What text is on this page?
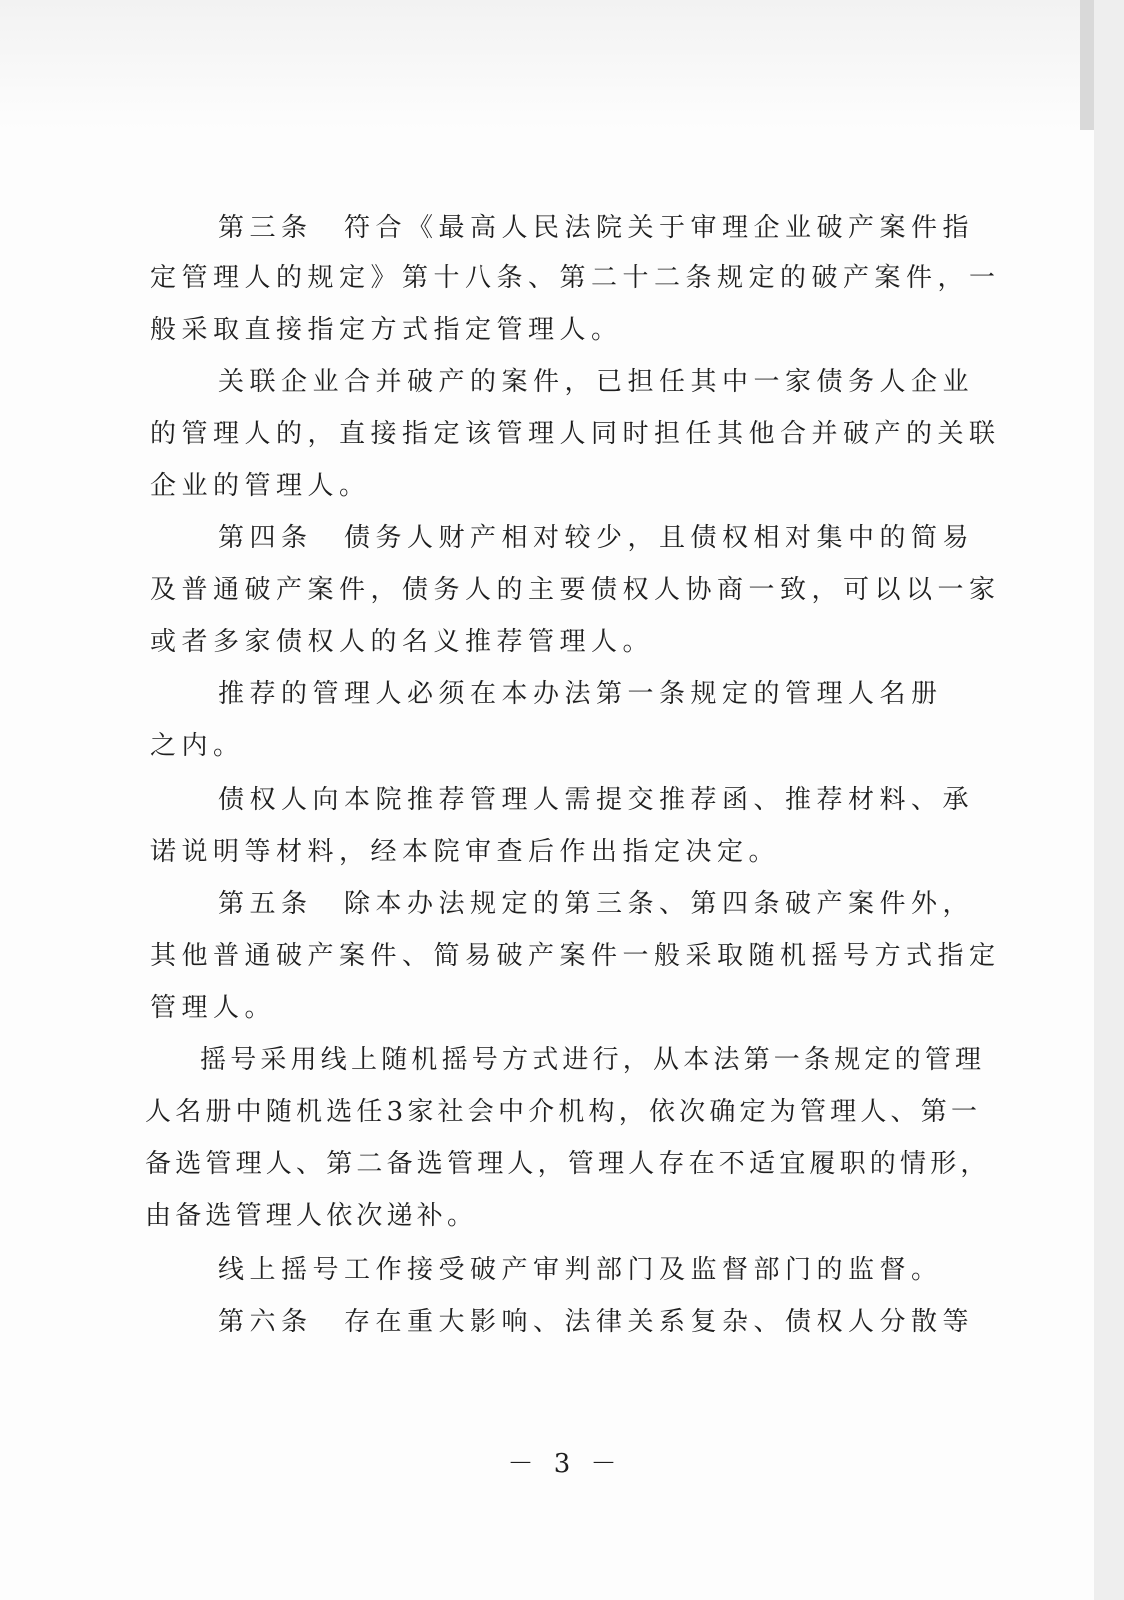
第三条　符合《最高人民法院关于审理企业破产案件指
定管理人的规定》第十八条、第二十二条规定的破产案件，一
般采取直接指定方式指定管理人。
关联企业合并破产的案件，已担任其中一家债务人企业
的管理人的，直接指定该管理人同时担任其他合并破产的关联
企业的管理人。
第四条　债务人财产相对较少，且债权相对集中的简易
及普通破产案件，债务人的主要债权人协商一致，可以以一家
或者多家债权人的名义推荐管理人。
推荐的管理人必须在本办法第一条规定的管理人名册
之内。
债权人向本院推荐管理人需提交推荐函、推荐材料、承
诺说明等材料，经本院审查后作出指定决定。
第五条　除本办法规定的第三条、第四条破产案件外，
其他普通破产案件、简易破产案件一般采取随机摇号方式指定
管理人。
摇号采用线上随机摇号方式进行，从本法第一条规定的管理
人名册中随机选任3家社会中介机构，依次确定为管理人、第一
备选管理人、第二备选管理人，管理人存在不适宜履职的情形，
由备选管理人依次递补。
线上摇号工作接受破产审判部门及监督部门的监督。
第六条　存在重大影响、法律关系复杂、债权人分散等
－ 3 －
